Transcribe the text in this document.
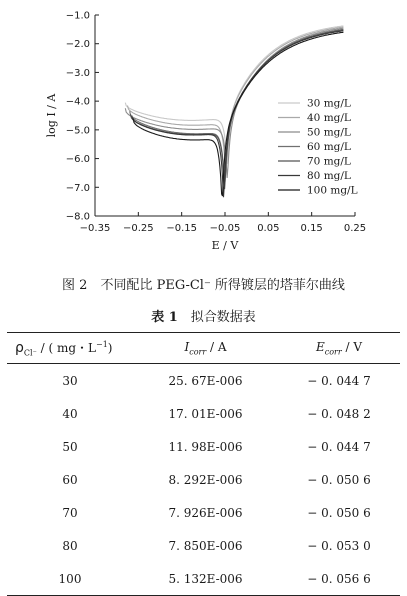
−1.0
−2.0
−3.0
−4.0
−5.0
−6.0
−7.0
−8.0
−0.35 −0.25 −0.15 −0.05 0.05 0.15 0.25
E / V
log I / A	30 mg/L
40 mg/L
50 mg/L
60 mg/L
70 mg/L
80 mg/L
100 mg/L
图 2　不同配比 PEG-Cl⁻ 所得镀层的塔菲尔曲线
表 1　 拟合数据表
$\rho_{Cl^-}$ / ( mg・$L^{-1}$)	$I_{corr}$ / A	$E_{corr}$ / V
30	25. 67E-006	− 0. 044 7
40	17. 01E-006	− 0. 048 2
50	11. 98E-006	− 0. 044 7
60	8. 292E-006	− 0. 050 6
70	7. 926E-006	− 0. 050 6
80	7. 850E-006	− 0. 053 0
100	5. 132E-006	− 0. 056 6
